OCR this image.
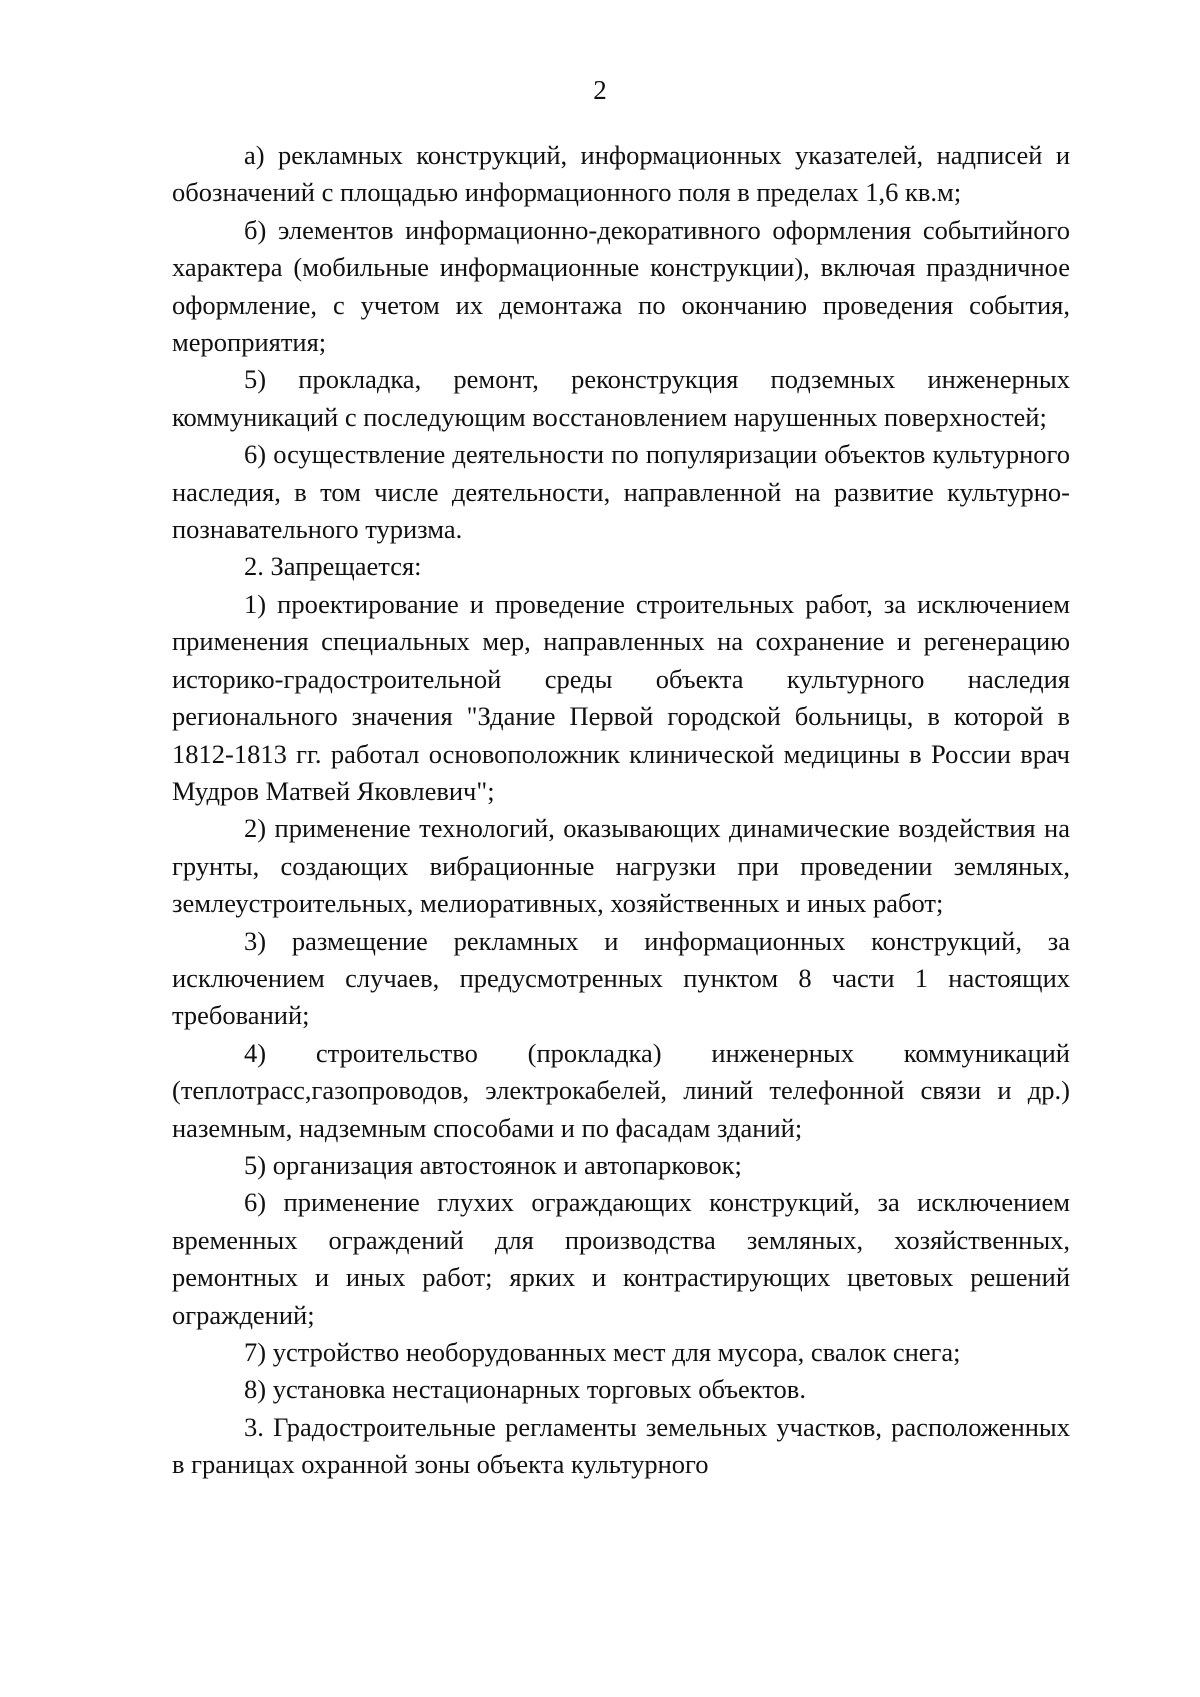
2

а) рекламных конструкций, информационных указателей, надписей и обозначений с площадью информационного поля в пределах 1,6 кв.м;

б) элементов информационно-декоративного оформления событийного характера (мобильные информационные конструкции), включая праздничное оформление, с учетом их демонтажа по окончанию проведения события, мероприятия;

5) прокладка, ремонт, реконструкция подземных инженерных коммуникаций с последующим восстановлением нарушенных поверхностей;

6) осуществление деятельности по популяризации объектов культурного наследия, в том числе деятельности, направленной на развитие культурно-познавательного туризма.

2. Запрещается:

1) проектирование и проведение строительных работ, за исключением применения специальных мер, направленных на сохранение и регенерацию историко-градостроительной среды объекта культурного наследия регионального значения "Здание Первой городской больницы, в которой в 1812-1813 гг. работал основоположник клинической медицины в России врач Мудров Матвей Яковлевич";

2) применение технологий, оказывающих динамические воздействия на грунты, создающих вибрационные нагрузки при проведении земляных, землеустроительных, мелиоративных, хозяйственных и иных работ;

3) размещение рекламных и информационных конструкций, за исключением случаев, предусмотренных пунктом 8 части 1 настоящих требований;

4) строительство (прокладка) инженерных коммуникаций (теплотрасс,газопроводов, электрокабелей, линий телефонной связи и др.) наземным, надземным способами и по фасадам зданий;

5) организация автостоянок и автопарковок;

6) применение глухих ограждающих конструкций, за исключением временных ограждений для производства земляных, хозяйственных, ремонтных и иных работ; ярких и контрастирующих цветовых решений ограждений;

7) устройство необорудованных мест для мусора, свалок снега;

8) установка нестационарных торговых объектов.

3. Градостроительные регламенты земельных участков, расположенных в границах охранной зоны объекта культурного
